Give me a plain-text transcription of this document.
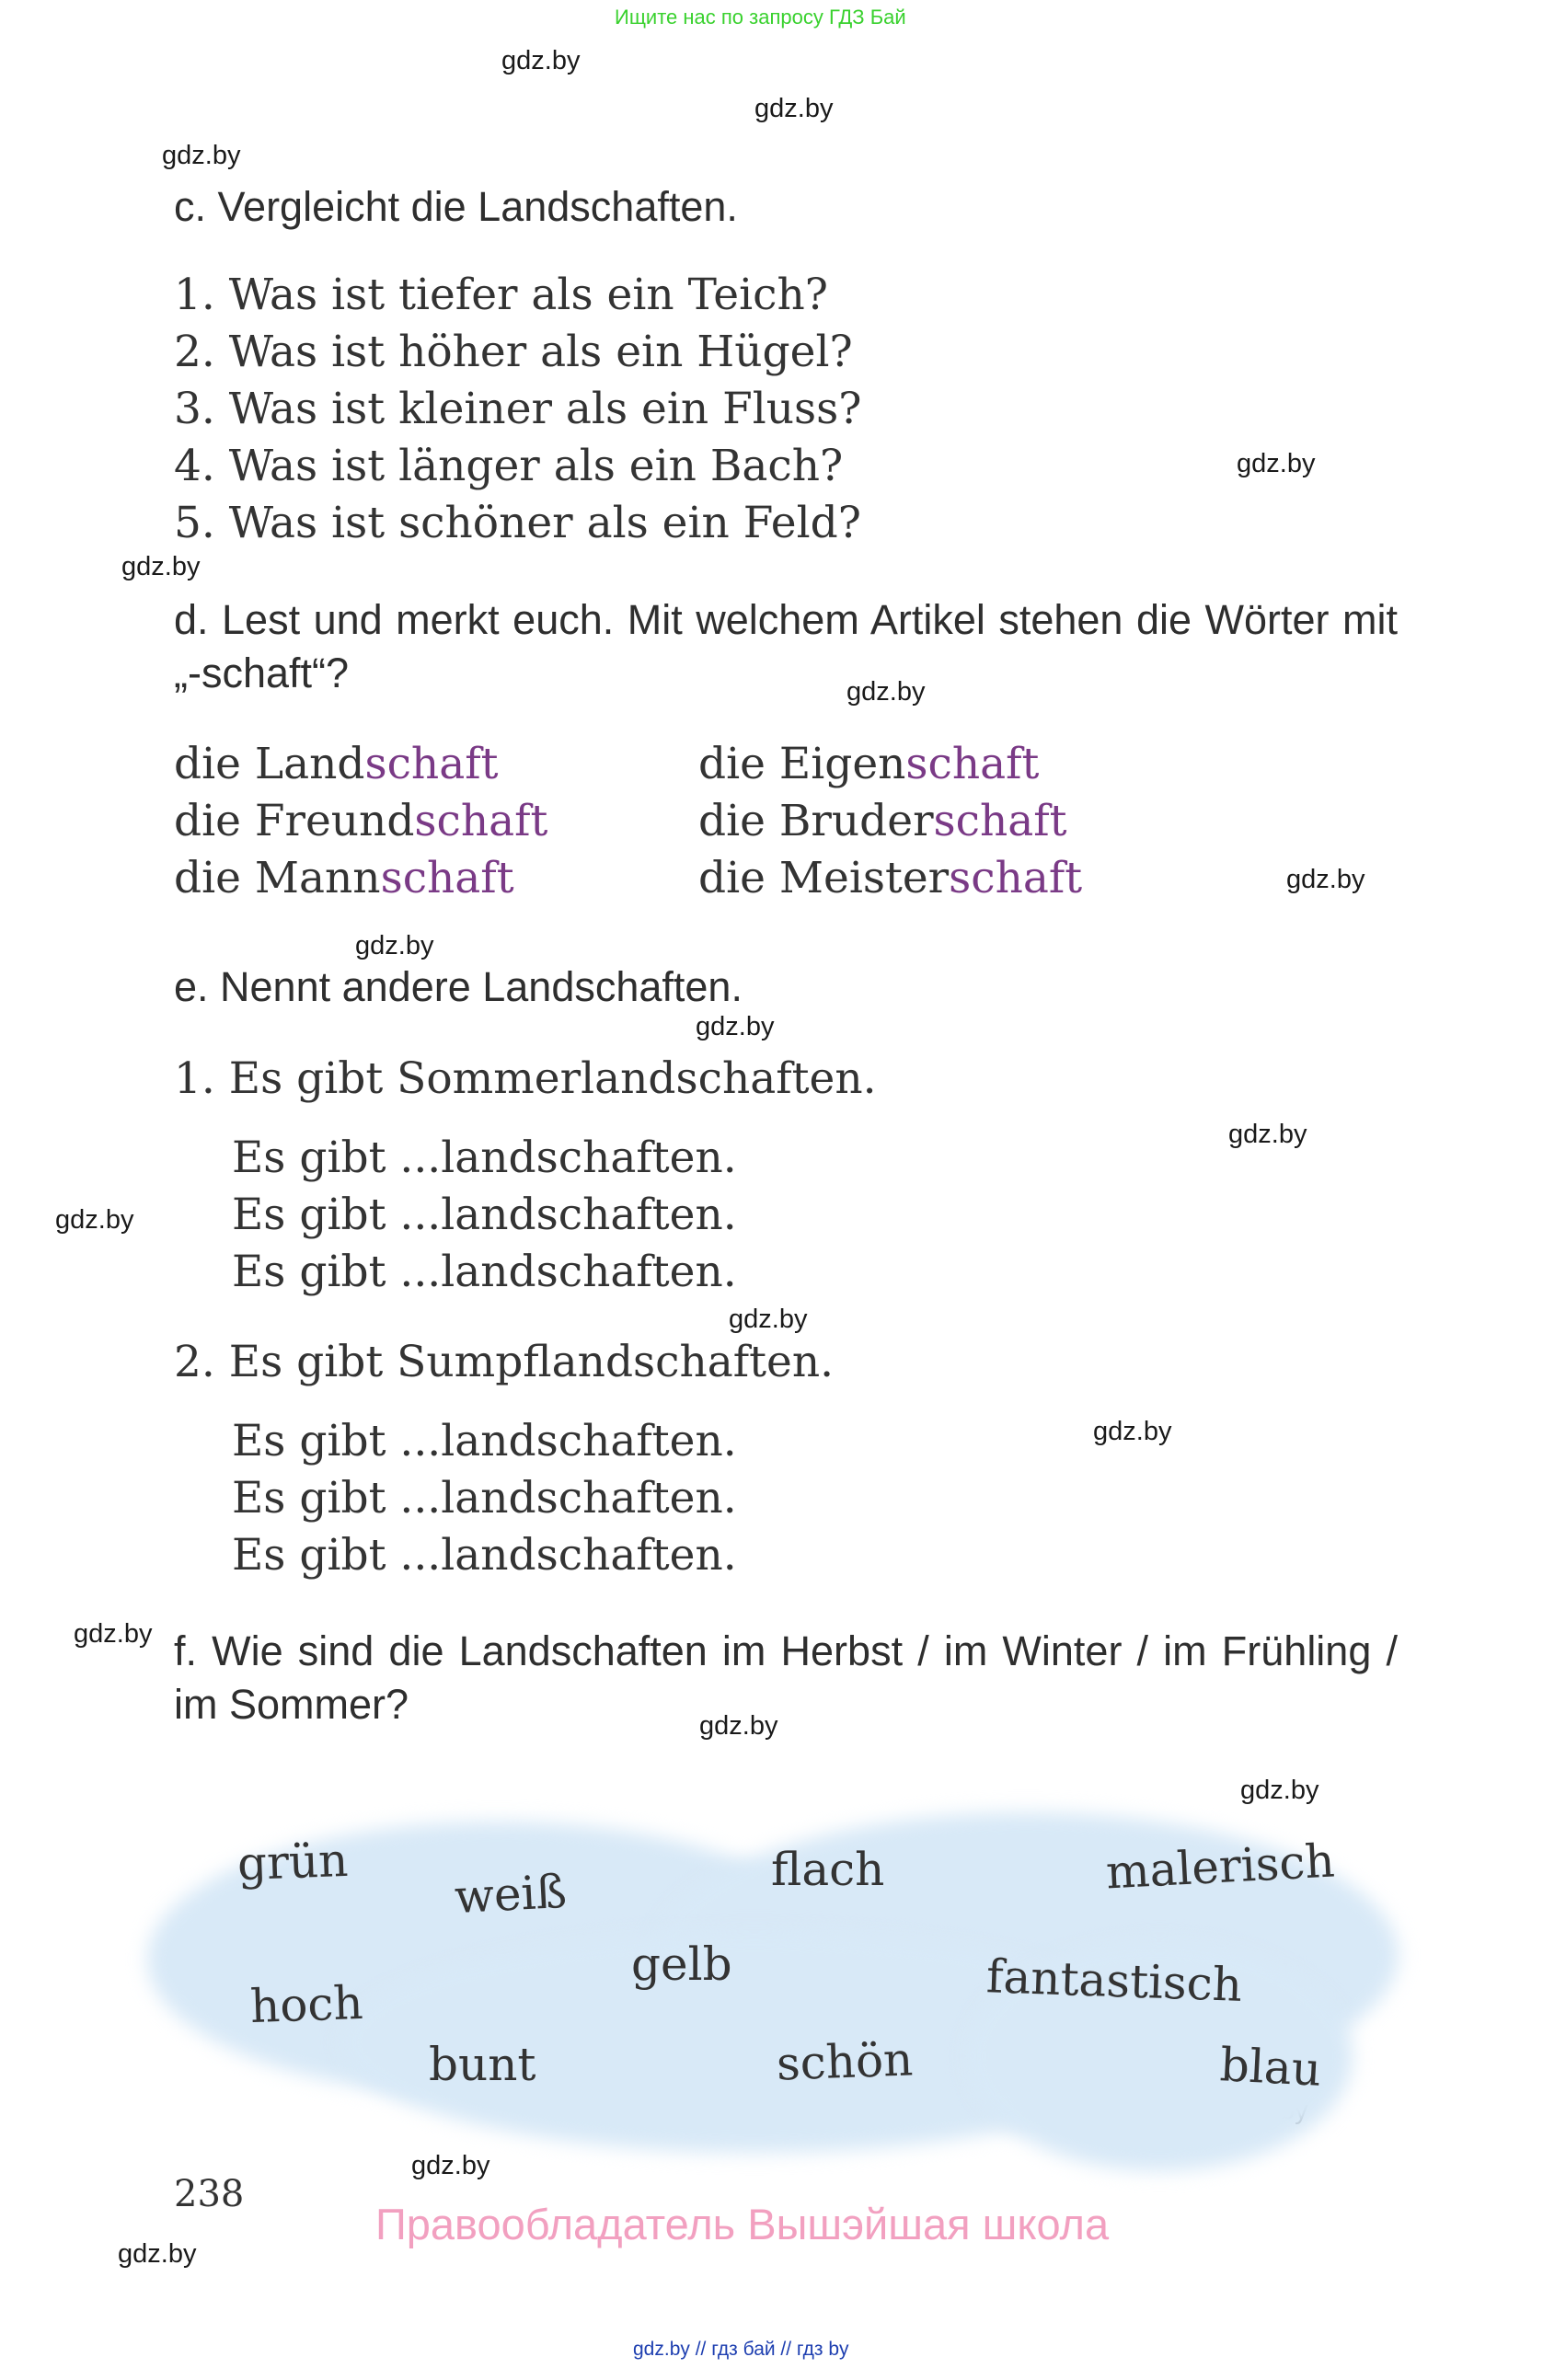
Ищите нас по запросу ГДЗ Бай
gdz.by
gdz.by
gdz.by
gdz.by
gdz.by
gdz.by
gdz.by
gdz.by
gdz.by
gdz.by
gdz.by
gdz.by
gdz.by
gdz.by
gdz.by
gdz.by
gdz.by
gdz.by
c. Vergleicht die Landschaften.
1. Was ist tiefer als ein Teich?
2. Was ist höher als ein Hügel?
3. Was ist kleiner als ein Fluss?
4. Was ist länger als ein Bach?
5. Was ist schöner als ein Feld?
d. Lest und merkt euch. Mit welchem Artikel stehen die Wörter mit „-schaft“?
die Landschaft	die Eigenschaft
die Freundschaft	die Bruderschaft
die Mannschaft	die Meisterschaft
e. Nennt andere Landschaften.
1. Es gibt Sommerlandschaften.
Es gibt ...landschaften.
Es gibt ...landschaften.
Es gibt ...landschaften.
2. Es gibt Sumpflandschaften.
Es gibt ...landschaften.
Es gibt ...landschaften.
Es gibt ...landschaften.
f. Wie sind die Landschaften im Herbst / im Winter / im Frühling / im Sommer?
grün
weiß	flach	malerisch
gelb	fantastisch
hoch
bunt	schön	blau
238
Правообладатель Вышэйшая школа
gdz.by // гдз бай // гдз by
